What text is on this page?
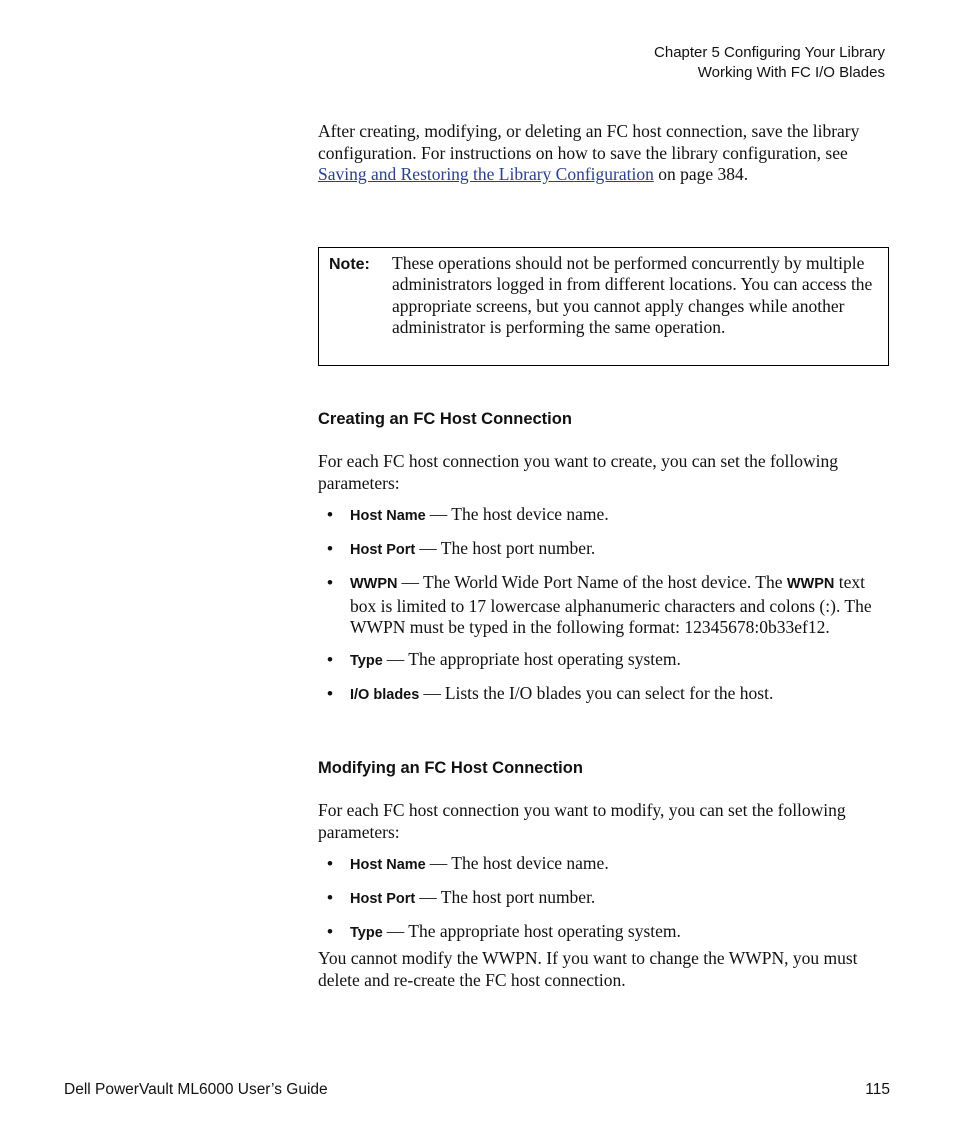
Chapter 5 Configuring Your Library
Working With FC I/O Blades

After creating, modifying, or deleting an FC host connection, save the library configuration. For instructions on how to save the library configuration, see Saving and Restoring the Library Configuration on page 384.

Note: These operations should not be performed concurrently by multiple administrators logged in from different locations. You can access the appropriate screens, but you cannot apply changes while another administrator is performing the same operation.
Creating an FC Host Connection

For each FC host connection you want to create, you can set the following parameters:

• Host Name — The host device name.
• Host Port — The host port number.
• WWPN — The World Wide Port Name of the host device. The WWPN text box is limited to 17 lowercase alphanumeric characters and colons (:). The WWPN must be typed in the following format: 12345678:0b33ef12.
• Type — The appropriate host operating system.
• I/O blades — Lists the I/O blades you can select for the host.
Modifying an FC Host Connection

For each FC host connection you want to modify, you can set the following parameters:

• Host Name — The host device name.
• Host Port — The host port number.
• Type — The appropriate host operating system.

You cannot modify the WWPN. If you want to change the WWPN, you must delete and re-create the FC host connection.

Dell PowerVault ML6000 User’s Guide	115
